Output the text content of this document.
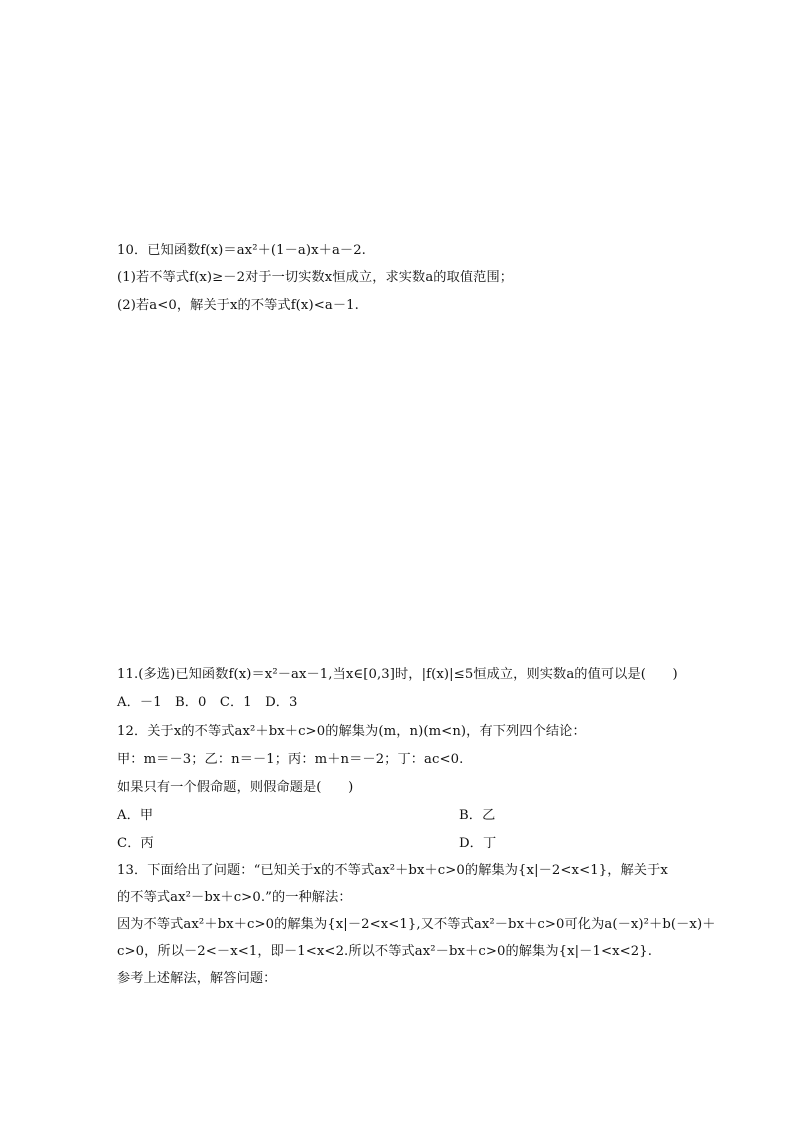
10．已知函数f(x)＝ax²＋(1－a)x＋a－2.
(1)若不等式f(x)≥－2对于一切实数x恒成立，求实数a的取值范围；
(2)若a<0，解关于x的不等式f(x)<a－1.
11.(多选)已知函数f(x)＝x²－ax－1,当x∈[0,3]时，|f(x)|≤5恒成立，则实数a的值可以是(　　)
A．－1　B．0　C．1　D．3
12．关于x的不等式ax²＋bx＋c>0的解集为(m，n)(m<n)，有下列四个结论：
甲：m＝－3；乙：n＝－1；丙：m＋n＝－2；丁：ac<0.
如果只有一个假命题，则假命题是(　　)
A．甲	B．乙
C．丙	D．丁
13．下面给出了问题：“已知关于x的不等式ax²＋bx＋c>0的解集为{x|－2<x<1}，解关于x
的不等式ax²－bx＋c>0.”的一种解法：
因为不等式ax²＋bx＋c>0的解集为{x|－2<x<1},又不等式ax²－bx＋c>0可化为a(－x)²＋b(－x)＋
c>0，所以－2<－x<1，即－1<x<2.所以不等式ax²－bx＋c>0的解集为{x|－1<x<2}.
参考上述解法，解答问题：
